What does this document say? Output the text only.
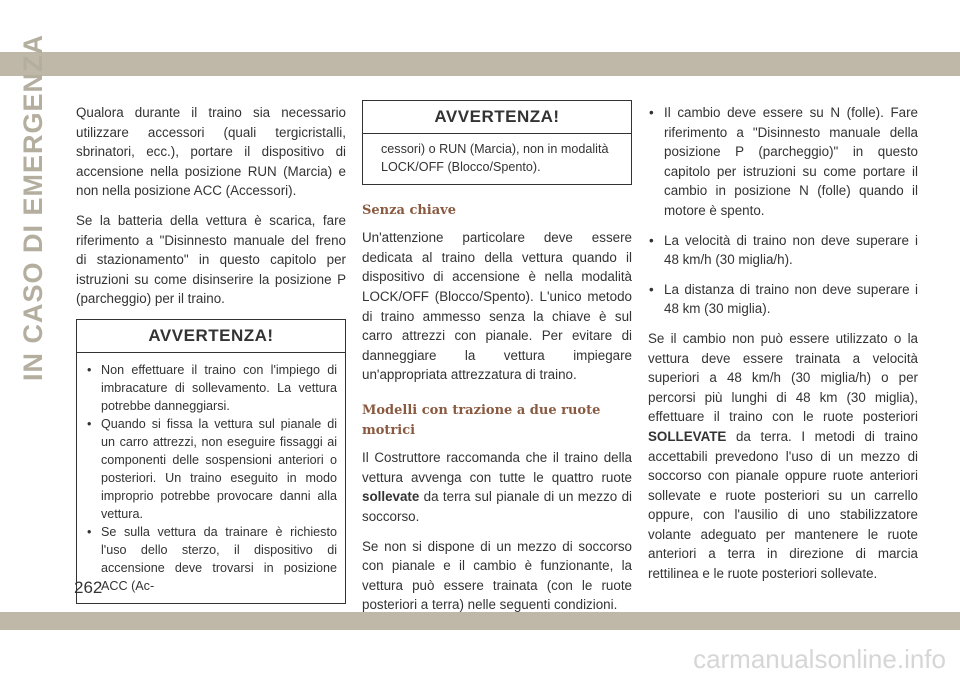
IN CASO DI EMERGENZA Qualora durante il traino sia necessario utilizzare accessori (quali tergicristalli, sbrinatori, ecc.), portare il dispositivo di accensione nella posizione RUN (Marcia) e non nella posizione ACC (Accessori).

Se la batteria della vettura è scarica, fare riferimento a "Disinnesto manuale del freno di stazionamento" in questo capitolo per istruzioni su come disinserire la posizione P (parcheggio) per il traino.

AVVERTENZA!
• Non effettuare il traino con l'impiego di imbracature di sollevamento. La vettura potrebbe danneggiarsi.
• Quando si fissa la vettura sul pianale di un carro attrezzi, non eseguire fissaggi ai componenti delle sospensioni anteriori o posteriori. Un traino eseguito in modo improprio potrebbe provocare danni alla vettura.
• Se sulla vettura da trainare è richiesto l'uso dello sterzo, il dispositivo di accensione deve trovarsi in posizione ACC (Ac-
AVVERTENZA!
cessori) o RUN (Marcia), non in modalità LOCK/OFF (Blocco/Spento).
Senza chiave

Un'attenzione particolare deve essere dedicata al traino della vettura quando il dispositivo di accensione è nella modalità LOCK/OFF (Blocco/Spento). L'unico metodo di traino ammesso senza la chiave è sul carro attrezzi con pianale. Per evitare di danneggiare la vettura impiegare un'appropriata attrezzatura di traino.

Modelli con trazione a due ruote motrici

Il Costruttore raccomanda che il traino della vettura avvenga con tutte le quattro ruote sollevate da terra sul pianale di un mezzo di soccorso.

Se non si dispone di un mezzo di soccorso con pianale e il cambio è funzionante, la vettura può essere trainata (con le ruote posteriori a terra) nelle seguenti condizioni.

• Il cambio deve essere su N (folle). Fare riferimento a "Disinnesto manuale della posizione P (parcheggio)" in questo capitolo per istruzioni su come portare il cambio in posizione N (folle) quando il motore è spento.
• La velocità di traino non deve superare i 48 km/h (30 miglia/h).
• La distanza di traino non deve superare i 48 km (30 miglia).

Se il cambio non può essere utilizzato o la vettura deve essere trainata a velocità superiori a 48 km/h (30 miglia/h) o per percorsi più lunghi di 48 km (30 miglia), effettuare il traino con le ruote posteriori SOLLEVATE da terra. I metodi di traino accettabili prevedono l'uso di un mezzo di soccorso con pianale oppure ruote anteriori sollevate e ruote posteriori su un carrello oppure, con l'ausilio di uno stabilizzatore volante adeguato per mantenere le ruote anteriori a terra in direzione di marcia rettilinea e le ruote posteriori sollevate.

262
carmanualsonline.info
